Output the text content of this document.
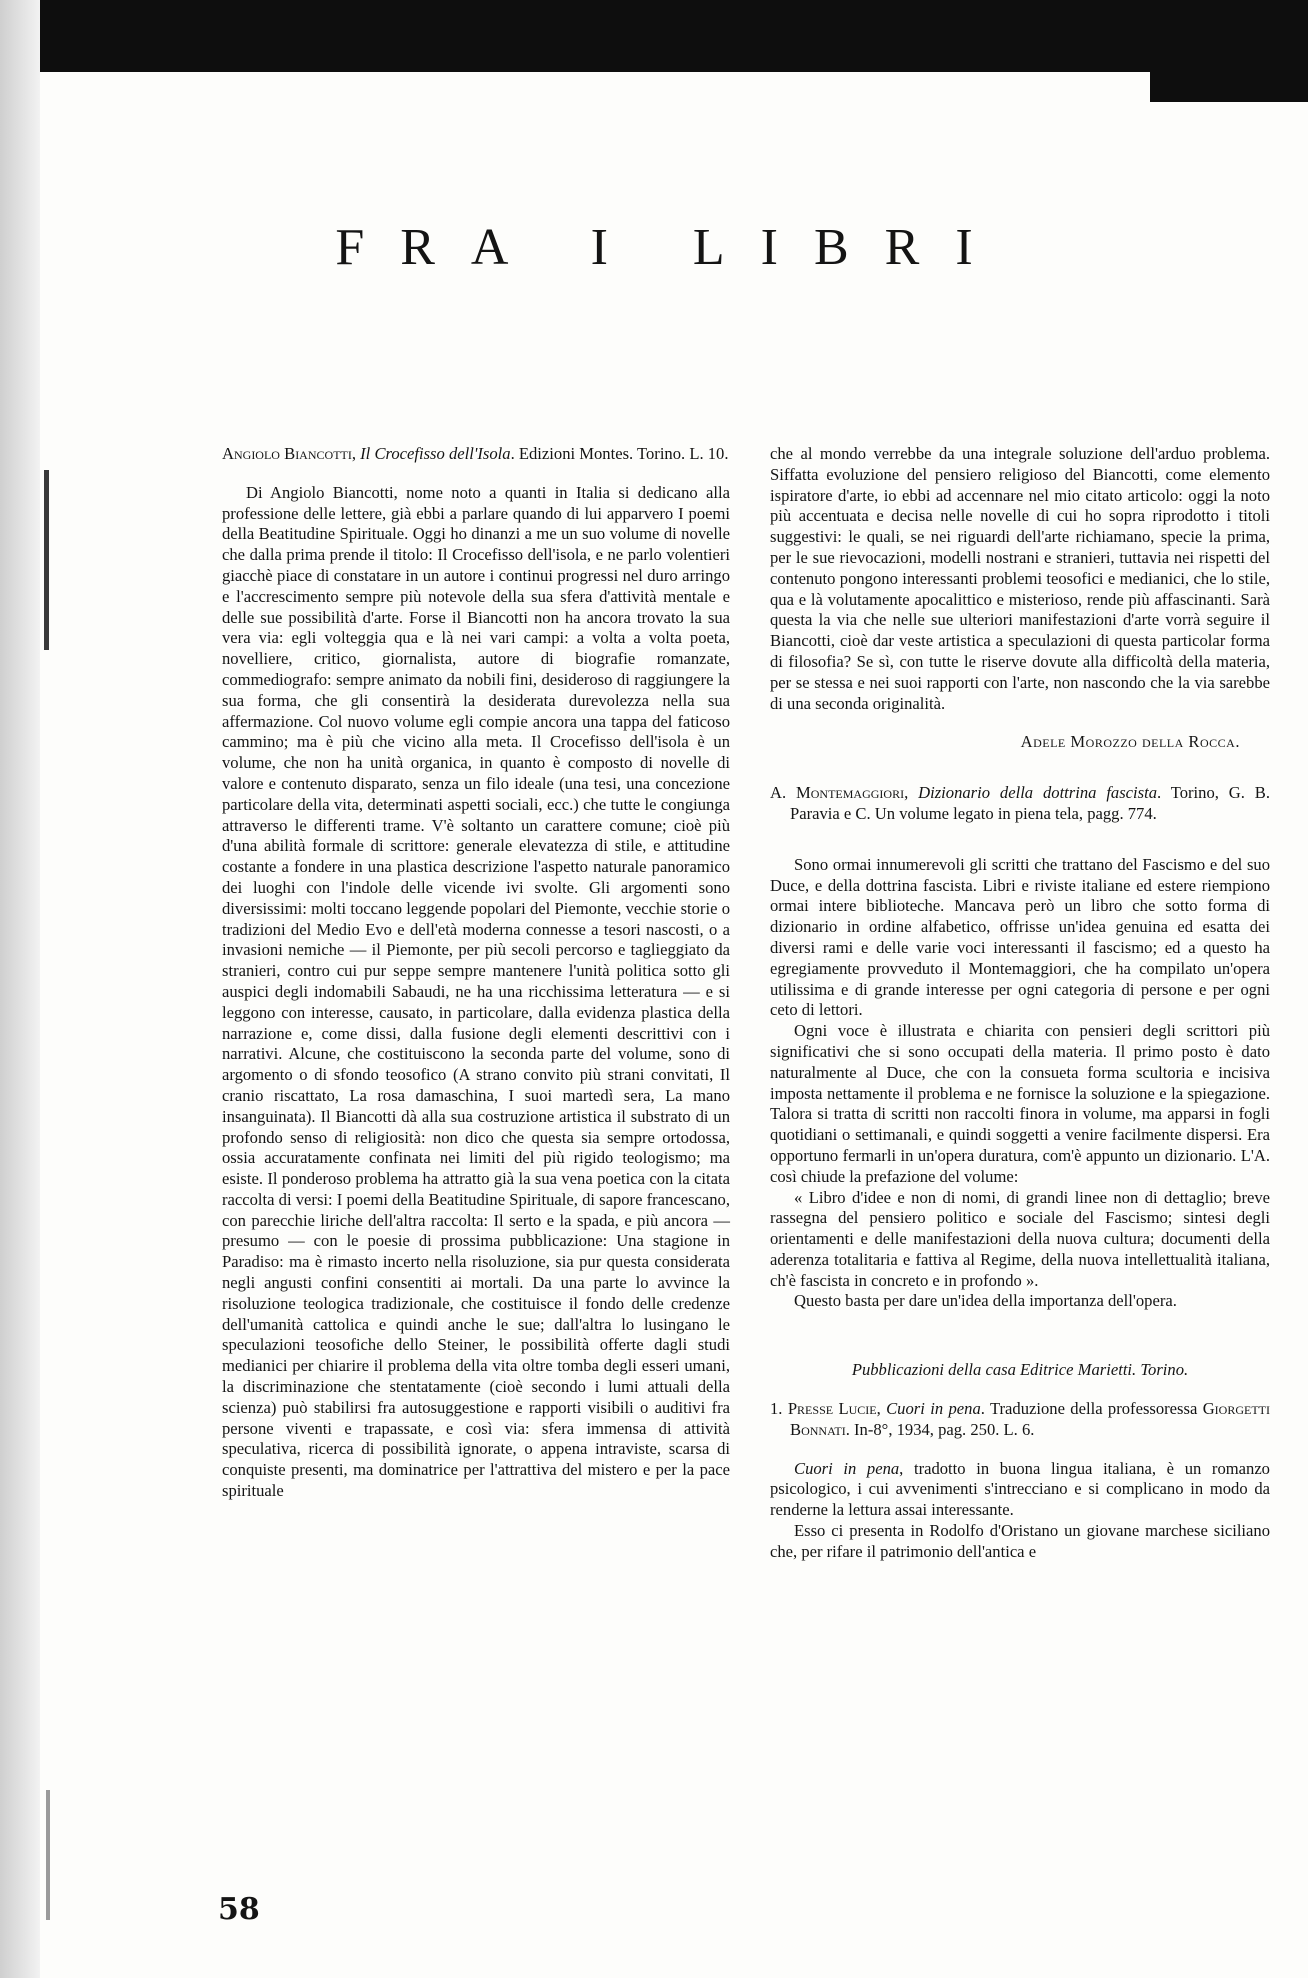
FRA I LIBRI

Angiolo Biancotti, Il Crocefisso dell'Isola. Edizioni Montes. Torino. L. 10.

Di Angiolo Biancotti, nome noto a quanti in Italia si dedicano alla professione delle lettere, già ebbi a parlare quando di lui apparvero I poemi della Beatitudine Spirituale. Oggi ho dinanzi a me un suo volume di novelle che dalla prima prende il titolo: Il Crocefisso dell'isola, e ne parlo volentieri giacchè piace di constatare in un autore i continui progressi nel duro arringo e l'accrescimento sempre più notevole della sua sfera d'attività mentale e delle sue possibilità d'arte. Forse il Biancotti non ha ancora trovato la sua vera via: egli volteggia qua e là nei vari campi: a volta a volta poeta, novelliere, critico, giornalista, autore di biografie romanzate, commediografo: sempre animato da nobili fini, desideroso di raggiungere la sua forma, che gli consentirà la desiderata durevolezza nella sua affermazione. Col nuovo volume egli compie ancora una tappa del faticoso cammino; ma è più che vicino alla meta. Il Crocefisso dell'isola è un volume, che non ha unità organica, in quanto è composto di novelle di valore e contenuto disparato, senza un filo ideale (una tesi, una concezione particolare della vita, determinati aspetti sociali, ecc.) che tutte le congiunga attraverso le differenti trame. V'è soltanto un carattere comune; cioè più d'una abilità formale di scrittore: generale elevatezza di stile, e attitudine costante a fondere in una plastica descrizione l'aspetto naturale panoramico dei luoghi con l'indole delle vicende ivi svolte. Gli argomenti sono diversissimi: molti toccano leggende popolari del Piemonte, vecchie storie o tradizioni del Medio Evo e dell'età moderna connesse a tesori nascosti, o a invasioni nemiche — il Piemonte, per più secoli percorso e taglieggiato da stranieri, contro cui pur seppe sempre mantenere l'unità politica sotto gli auspici degli indomabili Sabaudi, ne ha una ricchissima letteratura — e si leggono con interesse, causato, in particolare, dalla evidenza plastica della narrazione e, come dissi, dalla fusione degli elementi descrittivi con i narrativi. Alcune, che costituiscono la seconda parte del volume, sono di argomento o di sfondo teosofico (A strano convito più strani convitati, Il cranio riscattato, La rosa damaschina, I suoi martedì sera, La mano insanguinata). Il Biancotti dà alla sua costruzione artistica il substrato di un profondo senso di religiosità: non dico che questa sia sempre ortodossa, ossia accuratamente confinata nei limiti del più rigido teologismo; ma esiste. Il ponderoso problema ha attratto già la sua vena poetica con la citata raccolta di versi: I poemi della Beatitudine Spirituale, di sapore francescano, con parecchie liriche dell'altra raccolta: Il serto e la spada, e più ancora — presumo — con le poesie di prossima pubblicazione: Una stagione in Paradiso: ma è rimasto incerto nella risoluzione, sia pur questa considerata negli angusti confini consentiti ai mortali. Da una parte lo avvince la risoluzione teologica tradizionale, che costituisce il fondo delle credenze dell'umanità cattolica e quindi anche le sue; dall'altra lo lusingano le speculazioni teosofiche dello Steiner, le possibilità offerte dagli studi medianici per chiarire il problema della vita oltre tomba degli esseri umani, la discriminazione che stentatamente (cioè secondo i lumi attuali della scienza) può stabilirsi fra autosuggestione e rapporti visibili o auditivi fra persone viventi e trapassate, e così via: sfera immensa di attività speculativa, ricerca di possibilità ignorate, o appena intraviste, scarsa di conquiste presenti, ma dominatrice per l'attrattiva del mistero e per la pace spirituale

che al mondo verrebbe da una integrale soluzione dell'arduo problema. Siffatta evoluzione del pensiero religioso del Biancotti, come elemento ispiratore d'arte, io ebbi ad accennare nel mio citato articolo: oggi la noto più accentuata e decisa nelle novelle di cui ho sopra riprodotto i titoli suggestivi: le quali, se nei riguardi dell'arte richiamano, specie la prima, per le sue rievocazioni, modelli nostrani e stranieri, tuttavia nei rispetti del contenuto pongono interessanti problemi teosofici e medianici, che lo stile, qua e là volutamente apocalittico e misterioso, rende più affascinanti. Sarà questa la via che nelle sue ulteriori manifestazioni d'arte vorrà seguire il Biancotti, cioè dar veste artistica a speculazioni di questa particolar forma di filosofia? Se sì, con tutte le riserve dovute alla difficoltà della materia, per se stessa e nei suoi rapporti con l'arte, non nascondo che la via sarebbe di una seconda originalità.

Adele Morozzo della Rocca.

A. Montemaggiori, Dizionario della dottrina fascista. Torino, G. B. Paravia e C. Un volume legato in piena tela, pagg. 774.

Sono ormai innumerevoli gli scritti che trattano del Fascismo e del suo Duce, e della dottrina fascista. Libri e riviste italiane ed estere riempiono ormai intere biblioteche. Mancava però un libro che sotto forma di dizionario in ordine alfabetico, offrisse un'idea genuina ed esatta dei diversi rami e delle varie voci interessanti il fascismo; ed a questo ha egregiamente provveduto il Montemaggiori, che ha compilato un'opera utilissima e di grande interesse per ogni categoria di persone e per ogni ceto di lettori.

Ogni voce è illustrata e chiarita con pensieri degli scrittori più significativi che si sono occupati della materia. Il primo posto è dato naturalmente al Duce, che con la consueta forma scultoria e incisiva imposta nettamente il problema e ne fornisce la soluzione e la spiegazione. Talora si tratta di scritti non raccolti finora in volume, ma apparsi in fogli quotidiani o settimanali, e quindi soggetti a venire facilmente dispersi. Era opportuno fermarli in un'opera duratura, com'è appunto un dizionario. L'A. così chiude la prefazione del volume:

« Libro d'idee e non di nomi, di grandi linee non di dettaglio; breve rassegna del pensiero politico e sociale del Fascismo; sintesi degli orientamenti e delle manifestazioni della nuova cultura; documenti della aderenza totalitaria e fattiva al Regime, della nuova intellettualità italiana, ch'è fascista in concreto e in profondo ».

Questo basta per dare un'idea della importanza dell'opera.

Pubblicazioni della casa Editrice Marietti. Torino.

1. Presse Lucie, Cuori in pena. Traduzione della professoressa Giorgetti Bonnati. In-8°, 1934, pag. 250. L. 6.

Cuori in pena, tradotto in buona lingua italiana, è un romanzo psicologico, i cui avvenimenti s'intrecciano e si complicano in modo da renderne la lettura assai interessante.

Esso ci presenta in Rodolfo d'Oristano un giovane marchese siciliano che, per rifare il patrimonio dell'antica e

58
